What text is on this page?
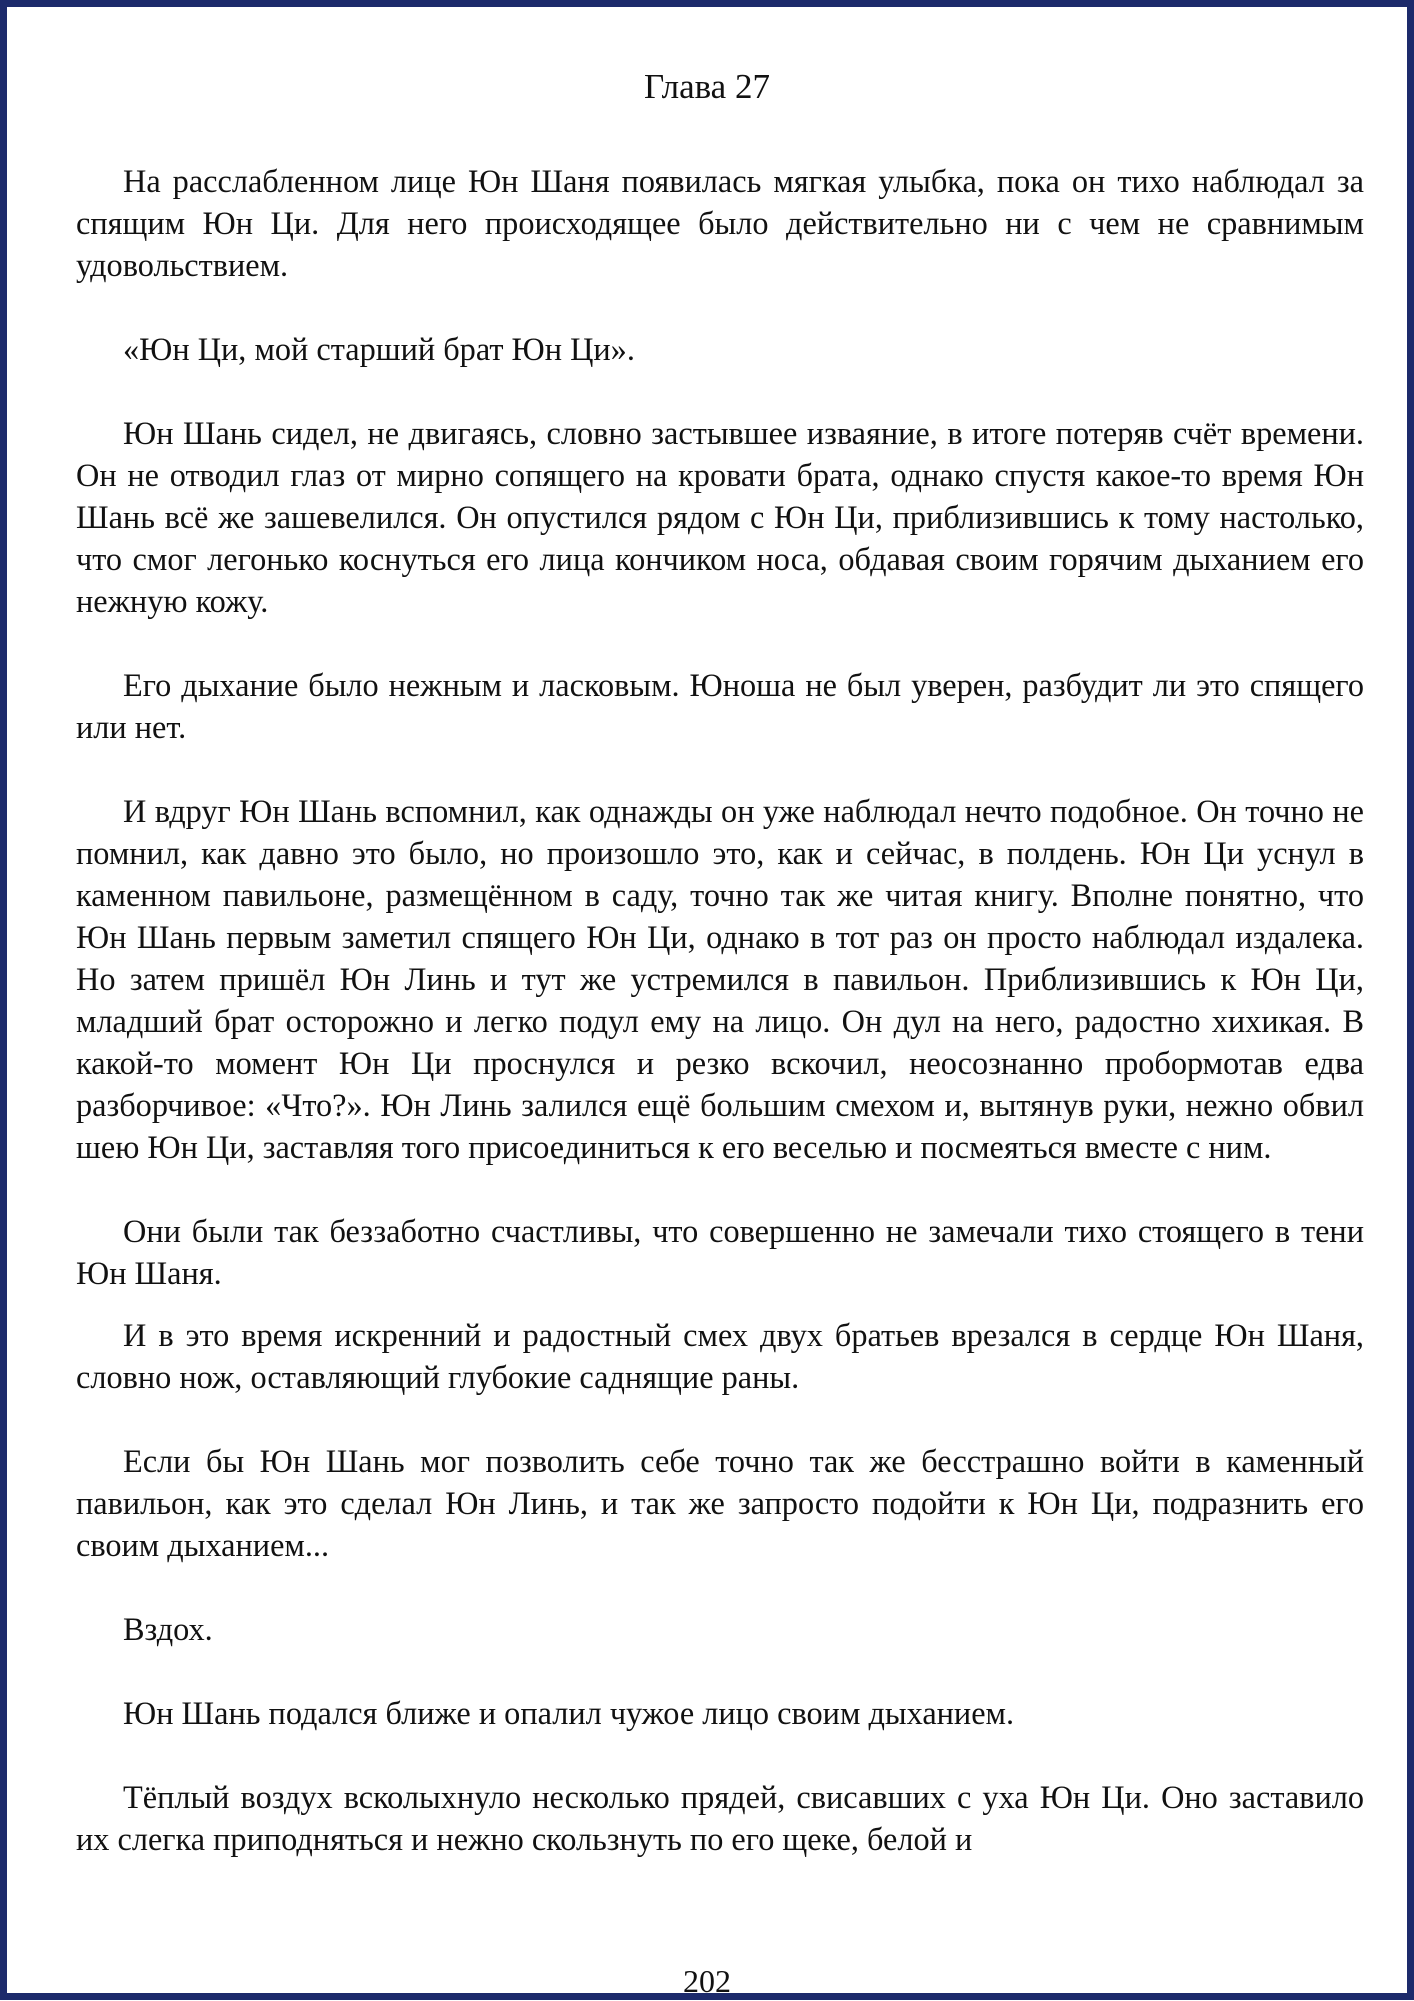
Глава 27

На расслабленном лице Юн Шаня появилась мягкая улыбка, пока он тихо наблюдал за спящим Юн Ци. Для него происходящее было действительно ни с чем не сравнимым удовольствием.

«Юн Ци, мой старший брат Юн Ци».

Юн Шань сидел, не двигаясь, словно застывшее изваяние, в итоге потеряв счёт времени. Он не отводил глаз от мирно сопящего на кровати брата, однако спустя какое-то время Юн Шань всё же зашевелился. Он опустился рядом с Юн Ци, приблизившись к тому настолько, что смог легонько коснуться его лица кончиком носа, обдавая своим горячим дыханием его нежную кожу.

Его дыхание было нежным и ласковым. Юноша не был уверен, разбудит ли это спящего или нет.

И вдруг Юн Шань вспомнил, как однажды он уже наблюдал нечто подобное. Он точно не помнил, как давно это было, но произошло это, как и сейчас, в полдень. Юн Ци уснул в каменном павильоне, размещённом в саду, точно так же читая книгу. Вполне понятно, что Юн Шань первым заметил спящего Юн Ци, однако в тот раз он просто наблюдал издалека. Но затем пришёл Юн Линь и тут же устремился в павильон. Приблизившись к Юн Ци, младший брат осторожно и легко подул ему на лицо. Он дул на него, радостно хихикая. В какой-то момент Юн Ци проснулся и резко вскочил, неосознанно пробормотав едва разборчивое: «Что?». Юн Линь залился ещё большим смехом и, вытянув руки, нежно обвил шею Юн Ци, заставляя того присоединиться к его веселью и посмеяться вместе с ним.

Они были так беззаботно счастливы, что совершенно не замечали тихо стоящего в тени Юн Шаня.

И в это время искренний и радостный смех двух братьев врезался в сердце Юн Шаня, словно нож, оставляющий глубокие саднящие раны.

Если бы Юн Шань мог позволить себе точно так же бесстрашно войти в каменный павильон, как это сделал Юн Линь, и так же запросто подойти к Юн Ци, подразнить его своим дыханием...

Вздох.

Юн Шань подался ближе и опалил чужое лицо своим дыханием.

Тёплый воздух всколыхнуло несколько прядей, свисавших с уха Юн Ци. Оно заставило их слегка приподняться и нежно скользнуть по его щеке, белой и

202
